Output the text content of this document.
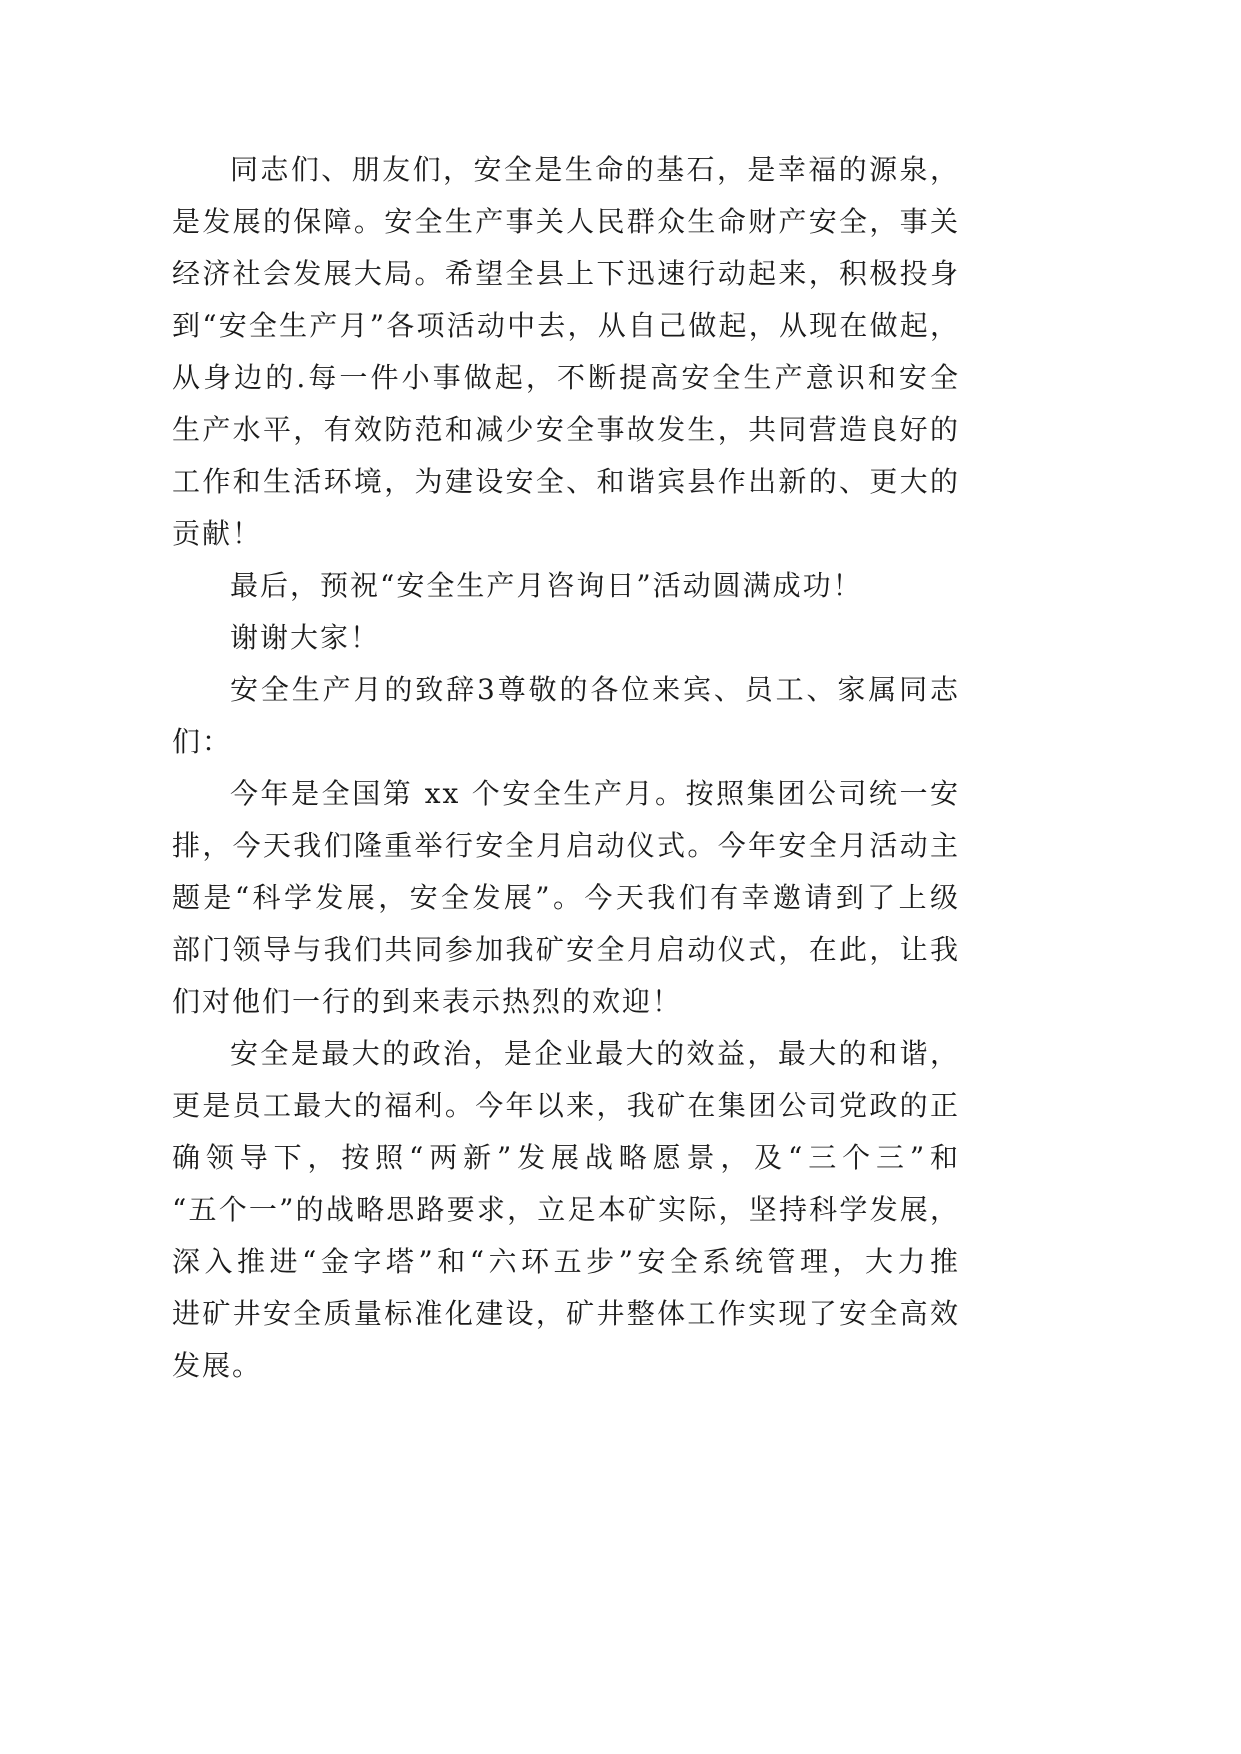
同志们、朋友们，安全是生命的基石，是幸福的源泉，
是发展的保障。安全生产事关人民群众生命财产安全，事关
经济社会发展大局。希望全县上下迅速行动起来，积极投身
到“安全生产月”各项活动中去，从自己做起，从现在做起，
从身边的.每一件小事做起，不断提高安全生产意识和安全
生产水平，有效防范和减少安全事故发生，共同营造良好的
工作和生活环境，为建设安全、和谐宾县作出新的、更大的
贡献！
最后，预祝“安全生产月咨询日”活动圆满成功！
谢谢大家！
安全生产月的致辞3尊敬的各位来宾、员工、家属同志
们：
今年是全国第 xx 个安全生产月。按照集团公司统一安
排，今天我们隆重举行安全月启动仪式。今年安全月活动主
题是“科学发展，安全发展”。今天我们有幸邀请到了上级
部门领导与我们共同参加我矿安全月启动仪式，在此，让我
们对他们一行的到来表示热烈的欢迎！
安全是最大的政治，是企业最大的效益，最大的和谐，
更是员工最大的福利。今年以来，我矿在集团公司党政的正
确领导下，按照“两新”发展战略愿景，及“三个三”和
“五个一”的战略思路要求，立足本矿实际，坚持科学发展，
深入推进“金字塔”和“六环五步”安全系统管理，大力推
进矿井安全质量标准化建设，矿井整体工作实现了安全高效
发展。
